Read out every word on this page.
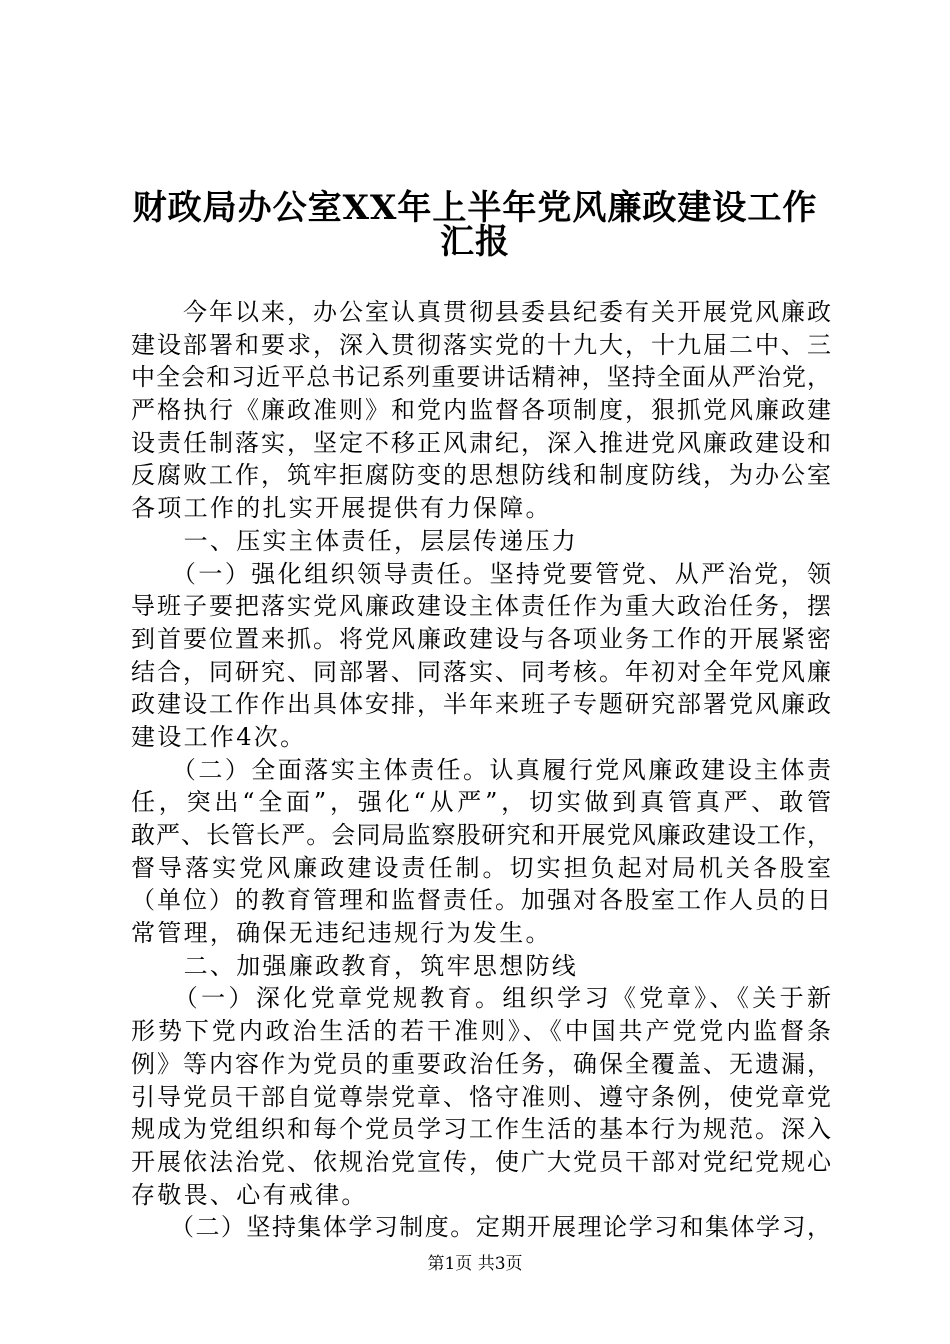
财政局办公室XX年上半年党风廉政建设工作
汇报
　　今年以来，办公室认真贯彻县委县纪委有关开展党风廉政
建设部署和要求，深入贯彻落实党的十九大，十九届二中、三
中全会和习近平总书记系列重要讲话精神，坚持全面从严治党，
严格执行《廉政准则》和党内监督各项制度，狠抓党风廉政建
设责任制落实，坚定不移正风肃纪，深入推进党风廉政建设和
反腐败工作，筑牢拒腐防变的思想防线和制度防线，为办公室
各项工作的扎实开展提供有力保障。
　　一、压实主体责任，层层传递压力
　　（一）强化组织领导责任。坚持党要管党、从严治党，领
导班子要把落实党风廉政建设主体责任作为重大政治任务，摆
到首要位置来抓。将党风廉政建设与各项业务工作的开展紧密
结合，同研究、同部署、同落实、同考核。年初对全年党风廉
政建设工作作出具体安排，半年来班子专题研究部署党风廉政
建设工作4次。
　　（二）全面落实主体责任。认真履行党风廉政建设主体责
任，突出“全面”，强化“从严”，切实做到真管真严、敢管
敢严、长管长严。会同局监察股研究和开展党风廉政建设工作，
督导落实党风廉政建设责任制。切实担负起对局机关各股室
（单位）的教育管理和监督责任。加强对各股室工作人员的日
常管理，确保无违纪违规行为发生。
　　二、加强廉政教育，筑牢思想防线
　　（一）深化党章党规教育。组织学习《党章》、《关于新
形势下党内政治生活的若干准则》、《中国共产党党内监督条
例》等内容作为党员的重要政治任务，确保全覆盖、无遗漏，
引导党员干部自觉尊崇党章、恪守准则、遵守条例，使党章党
规成为党组织和每个党员学习工作生活的基本行为规范。深入
开展依法治党、依规治党宣传，使广大党员干部对党纪党规心
存敬畏、心有戒律。
　　（二）坚持集体学习制度。定期开展理论学习和集体学习，
第1页 共3页
